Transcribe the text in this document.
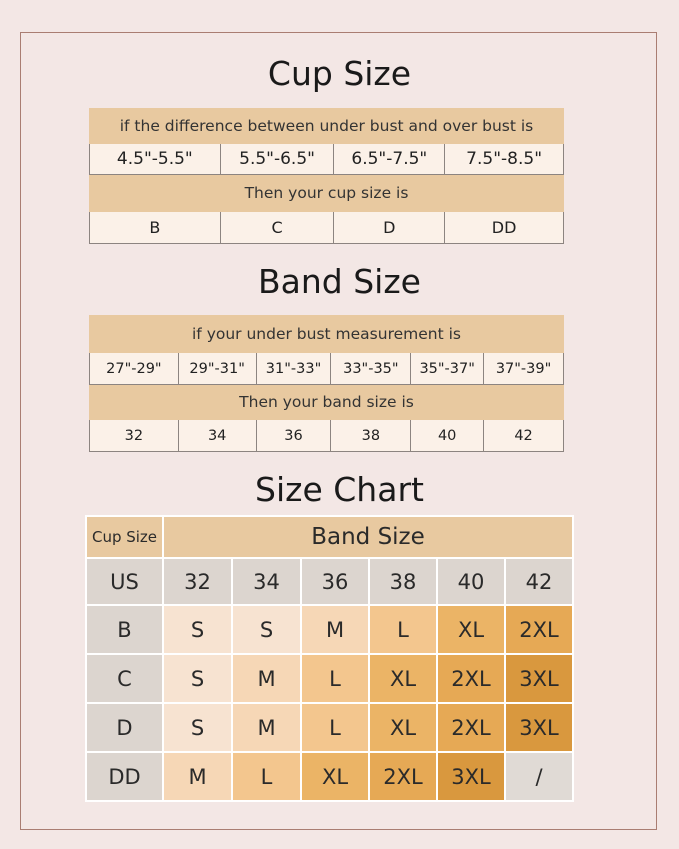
Cup Size
if the difference between under bust and over bust is			
4.5"-5.5"	5.5"-6.5"	6.5"-7.5"	7.5"-8.5"
Then your cup size is			
B	C	D	DD
Band Size
if your under bust measurement is					
27"-29"	29"-31"	31"-33"	33"-35"	35"-37"	37"-39"
Then your band size is					
32	34	36	38	40	42
Size Chart
Cup Size	Band Size					
US	32	34	36	38	40	42
B	S	S	M	L	XL	2XL
C	S	M	L	XL	2XL	3XL
D	S	M	L	XL	2XL	3XL
DD	M	L	XL	2XL	3XL	/
